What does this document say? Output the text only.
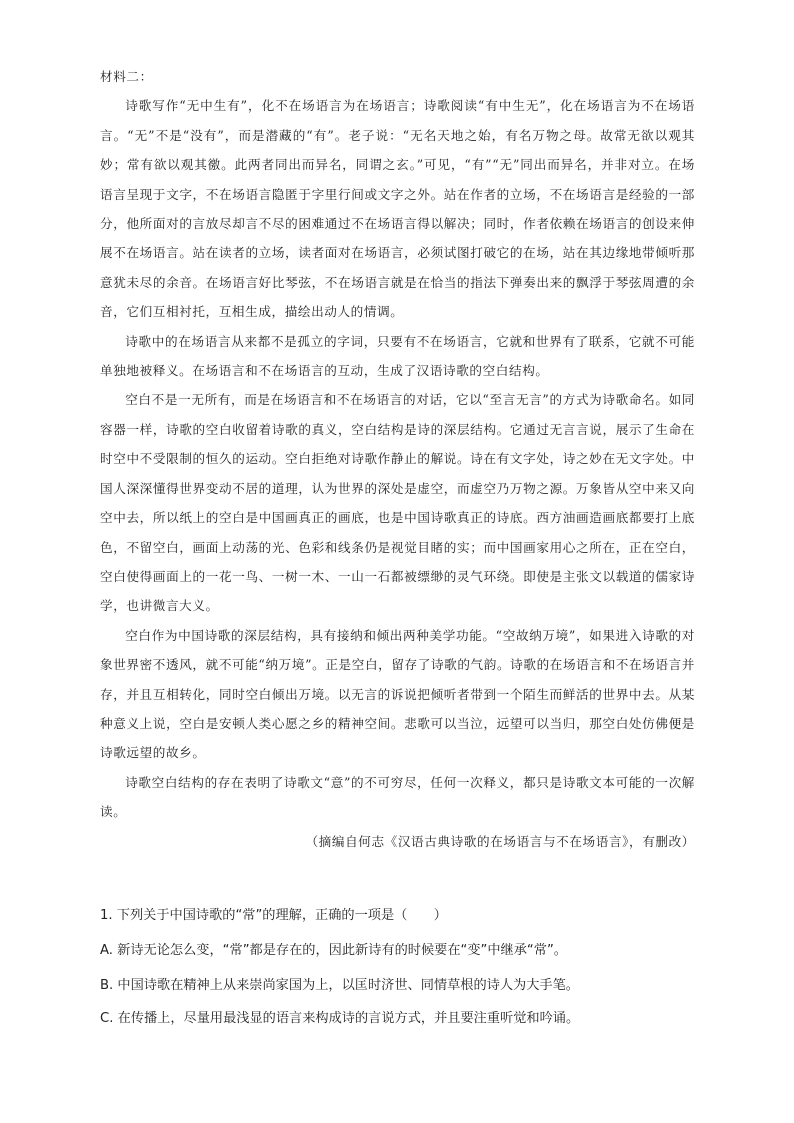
材料二：

诗歌写作“无中生有”，化不在场语言为在场语言；诗歌阅读“有中生无”，化在场语言为不在场语言。“无”不是“没有”，而是潜藏的“有”。老子说：“无名天地之始，有名万物之母。故常无欲以观其妙；常有欲以观其徼。此两者同出而异名，同谓之玄。”可见，“有”“无”同出而异名，并非对立。在场语言呈现于文字，不在场语言隐匿于字里行间或文字之外。站在作者的立场，不在场语言是经验的一部分，他所面对的言放尽却言不尽的困难通过不在场语言得以解决；同时，作者依赖在场语言的创设来伸展不在场语言。站在读者的立场，读者面对在场语言，必须试图打破它的在场，站在其边缘地带倾听那意犹未尽的余音。在场语言好比琴弦，不在场语言就是在恰当的指法下弹奏出来的飘浮于琴弦周遭的余音，它们互相衬托，互相生成，描绘出动人的情调。

诗歌中的在场语言从来都不是孤立的字词，只要有不在场语言，它就和世界有了联系，它就不可能单独地被释义。在场语言和不在场语言的互动，生成了汉语诗歌的空白结构。

空白不是一无所有，而是在场语言和不在场语言的对话，它以“至言无言”的方式为诗歌命名。如同容器一样，诗歌的空白收留着诗歌的真义，空白结构是诗的深层结构。它通过无言言说，展示了生命在时空中不受限制的恒久的运动。空白拒绝对诗歌作静止的解说。诗在有文字处，诗之妙在无文字处。中国人深深懂得世界变动不居的道理，认为世界的深处是虚空，而虚空乃万物之源。万象皆从空中来又向空中去，所以纸上的空白是中国画真正的画底，也是中国诗歌真正的诗底。西方油画造画底都要打上底色，不留空白，画面上动荡的光、色彩和线条仍是视觉目睹的实；而中国画家用心之所在，正在空白，空白使得画面上的一花一鸟、一树一木、一山一石都被缥缈的灵气环绕。即使是主张文以载道的儒家诗学，也讲微言大义。

空白作为中国诗歌的深层结构，具有接纳和倾出两种美学功能。“空故纳万境”，如果进入诗歌的对象世界密不透风，就不可能“纳万境”。正是空白，留存了诗歌的气韵。诗歌的在场语言和不在场语言并存，并且互相转化，同时空白倾出万境。以无言的诉说把倾听者带到一个陌生而鲜活的世界中去。从某种意义上说，空白是安顿人类心愿之乡的精神空间。悲歌可以当泣，远望可以当归，那空白处仿佛便是诗歌远望的故乡。

诗歌空白结构的存在表明了诗歌文“意”的不可穷尽，任何一次释义，都只是诗歌文本可能的一次解读。

（摘编自何志《汉语古典诗歌的在场语言与不在场语言》，有删改）

1. 下列关于中国诗歌的“常”的理解，正确的一项是（　　）
A. 新诗无论怎么变，“常”都是存在的，因此新诗有的时候要在“变”中继承“常”。
B. 中国诗歌在精神上从来崇尚家国为上，以匡时济世、同情草根的诗人为大手笔。
C. 在传播上，尽量用最浅显的语言来构成诗的言说方式，并且要注重听觉和吟诵。
